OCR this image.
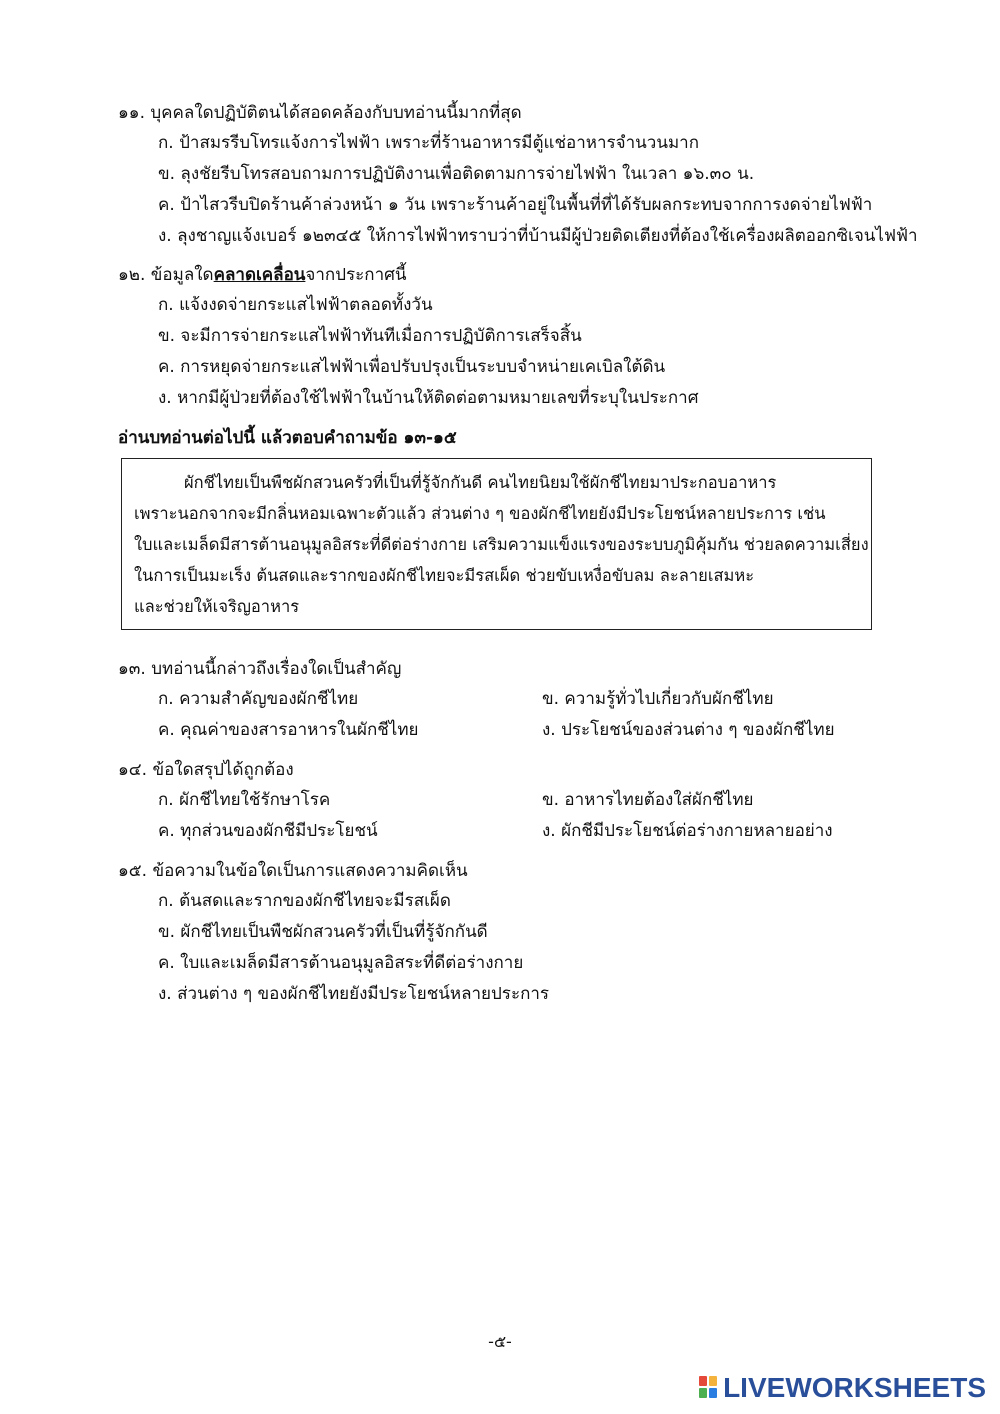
๑๑. บุคคลใดปฏิบัติตนได้สอดคล้องกับบทอ่านนี้มากที่สุด
ก. ป้าสมรรีบโทรแจ้งการไฟฟ้า เพราะที่ร้านอาหารมีตู้แช่อาหารจำนวนมาก
ข. ลุงชัยรีบโทรสอบถามการปฏิบัติงานเพื่อติดตามการจ่ายไฟฟ้า ในเวลา ๑๖.๓๐ น.
ค. ป้าไสวรีบปิดร้านค้าล่วงหน้า ๑ วัน เพราะร้านค้าอยู่ในพื้นที่ที่ได้รับผลกระทบจากการงดจ่ายไฟฟ้า
ง. ลุงชาญแจ้งเบอร์ ๑๒๓๔๕ ให้การไฟฟ้าทราบว่าที่บ้านมีผู้ป่วยติดเตียงที่ต้องใช้เครื่องผลิตออกซิเจนไฟฟ้า
๑๒. ข้อมูลใดคลาดเคลื่อนจากประกาศนี้
ก. แจ้งงดจ่ายกระแสไฟฟ้าตลอดทั้งวัน
ข. จะมีการจ่ายกระแสไฟฟ้าทันทีเมื่อการปฏิบัติการเสร็จสิ้น
ค. การหยุดจ่ายกระแสไฟฟ้าเพื่อปรับปรุงเป็นระบบจำหน่ายเคเบิลใต้ดิน
ง. หากมีผู้ป่วยที่ต้องใช้ไฟฟ้าในบ้านให้ติดต่อตามหมายเลขที่ระบุในประกาศ
อ่านบทอ่านต่อไปนี้ แล้วตอบคำถามข้อ ๑๓-๑๕
ผักชีไทยเป็นพืชผักสวนครัวที่เป็นที่รู้จักกันดี คนไทยนิยมใช้ผักชีไทยมาประกอบอาหาร
เพราะนอกจากจะมีกลิ่นหอมเฉพาะตัวแล้ว ส่วนต่าง ๆ ของผักชีไทยยังมีประโยชน์หลายประการ เช่น
ใบและเมล็ดมีสารต้านอนุมูลอิสระที่ดีต่อร่างกาย เสริมความแข็งแรงของระบบภูมิคุ้มกัน ช่วยลดความเสี่ยง
ในการเป็นมะเร็ง ต้นสดและรากของผักชีไทยจะมีรสเผ็ด ช่วยขับเหงื่อขับลม ละลายเสมหะ
และช่วยให้เจริญอาหาร
๑๓. บทอ่านนี้กล่าวถึงเรื่องใดเป็นสำคัญ
ก. ความสำคัญของผักชีไทย	ข. ความรู้ทั่วไปเกี่ยวกับผักชีไทย
ค. คุณค่าของสารอาหารในผักชีไทย	ง. ประโยชน์ของส่วนต่าง ๆ ของผักชีไทย
๑๔. ข้อใดสรุปได้ถูกต้อง
ก. ผักชีไทยใช้รักษาโรค	ข. อาหารไทยต้องใส่ผักชีไทย
ค. ทุกส่วนของผักชีมีประโยชน์	ง. ผักชีมีประโยชน์ต่อร่างกายหลายอย่าง
๑๕. ข้อความในข้อใดเป็นการแสดงความคิดเห็น
ก. ต้นสดและรากของผักชีไทยจะมีรสเผ็ด
ข. ผักชีไทยเป็นพืชผักสวนครัวที่เป็นที่รู้จักกันดี
ค. ใบและเมล็ดมีสารต้านอนุมูลอิสระที่ดีต่อร่างกาย
ง. ส่วนต่าง ๆ ของผักชีไทยยังมีประโยชน์หลายประการ
-๕-
LIVEWORKSHEETS
